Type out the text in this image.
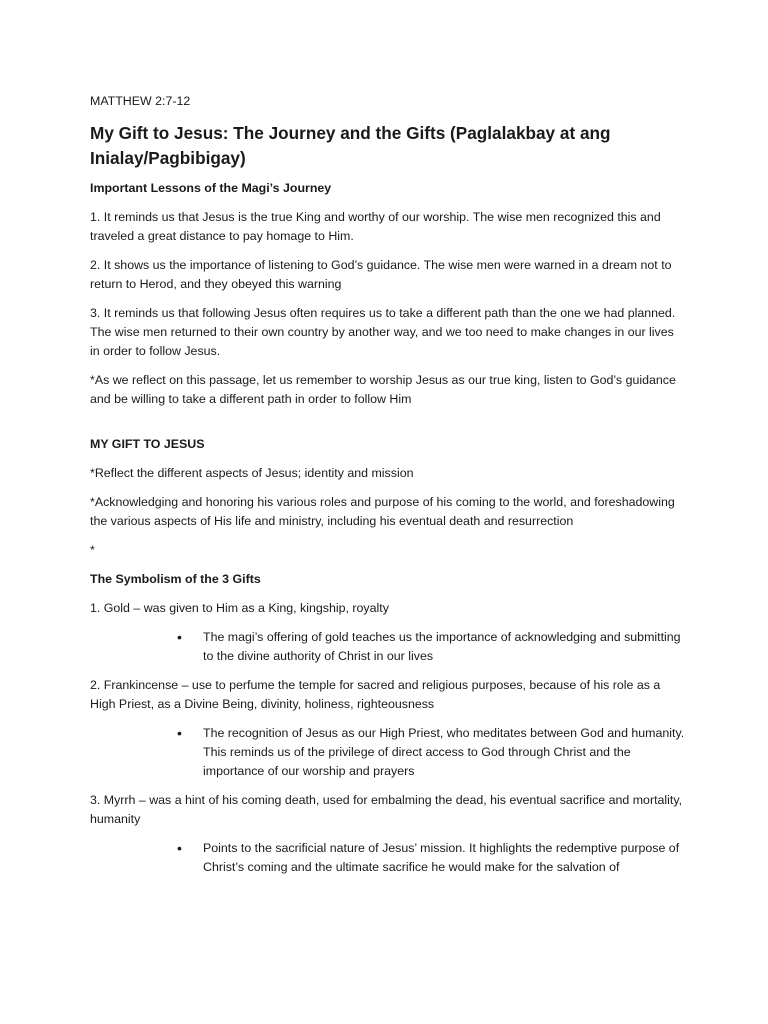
MATTHEW 2:7-12

My Gift to Jesus: The Journey and the Gifts (Paglalakbay at ang Inialay/Pagbibigay)

Important Lessons of the Magi’s Journey

1. It reminds us that Jesus is the true King and worthy of our worship. The wise men recognized this and traveled a great distance to pay homage to Him.

2. It shows us the importance of listening to God’s guidance. The wise men were warned in a dream not to return to Herod, and they obeyed this warning

3. It reminds us that following Jesus often requires us to take a different path than the one we had planned. The wise men returned to their own country by another way, and we too need to make changes in our lives in order to follow Jesus.

*As we reflect on this passage, let us remember to worship Jesus as our true king, listen to God’s guidance and be willing to take a different path in order to follow Him

MY GIFT TO JESUS

*Reflect the different aspects of Jesus; identity and mission

*Acknowledging and honoring his various roles and purpose of his coming to the world, and foreshadowing the various aspects of His life and ministry, including his eventual death and resurrection

*

The Symbolism of the 3 Gifts

1. Gold – was given to Him as a King, kingship, royalty

• The magi’s offering of gold teaches us the importance of acknowledging and submitting to the divine authority of Christ in our lives

2. Frankincense – use to perfume the temple for sacred and religious purposes, because of his role as a High Priest, as a Divine Being, divinity, holiness, righteousness

• The recognition of Jesus as our High Priest, who meditates between God and humanity. This reminds us of the privilege of direct access to God through Christ and the importance of our worship and prayers

3. Myrrh – was a hint of his coming death, used for embalming the dead, his eventual sacrifice and mortality, humanity

• Points to the sacrificial nature of Jesus’ mission. It highlights the redemptive purpose of Christ’s coming and the ultimate sacrifice he would make for the salvation of
